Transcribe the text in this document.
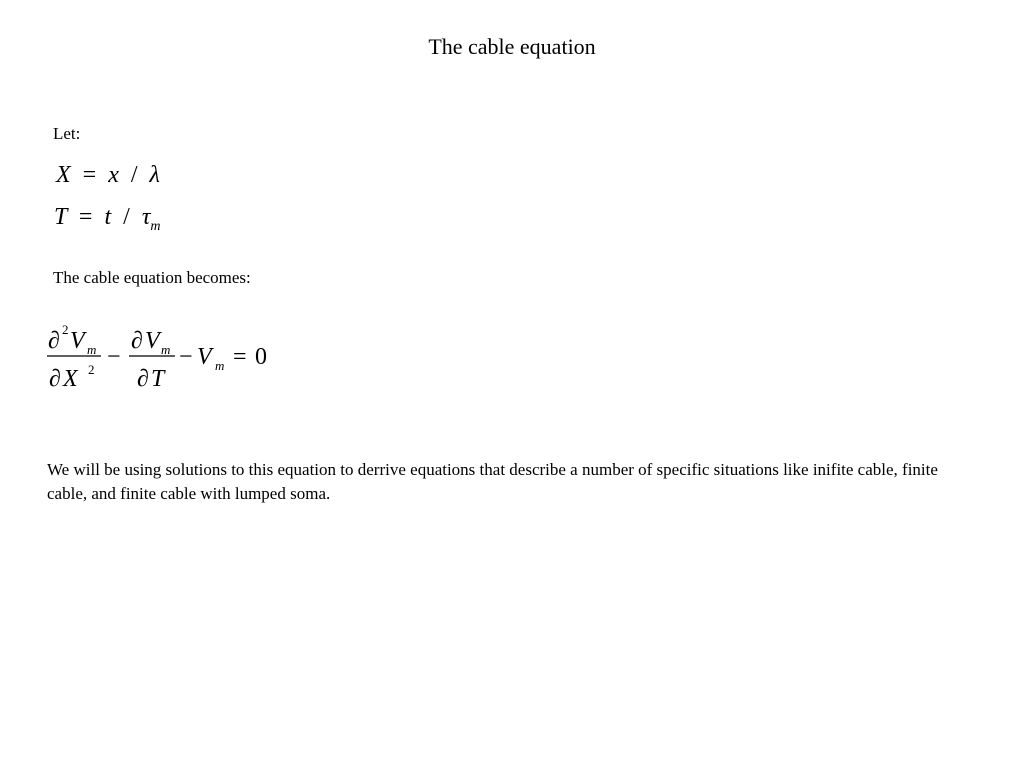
The cable equation
Let:
X = x / λ
$T = t / \tau_m$
The cable equation becomes:
∂ 2 V m
∂ X 2 −
∂ V m
∂ T
− V m = 0
We will be using solutions to this equation to derrive equations that describe a number of specific situations like inifite cable, finite cable, and finite cable with lumped soma.
